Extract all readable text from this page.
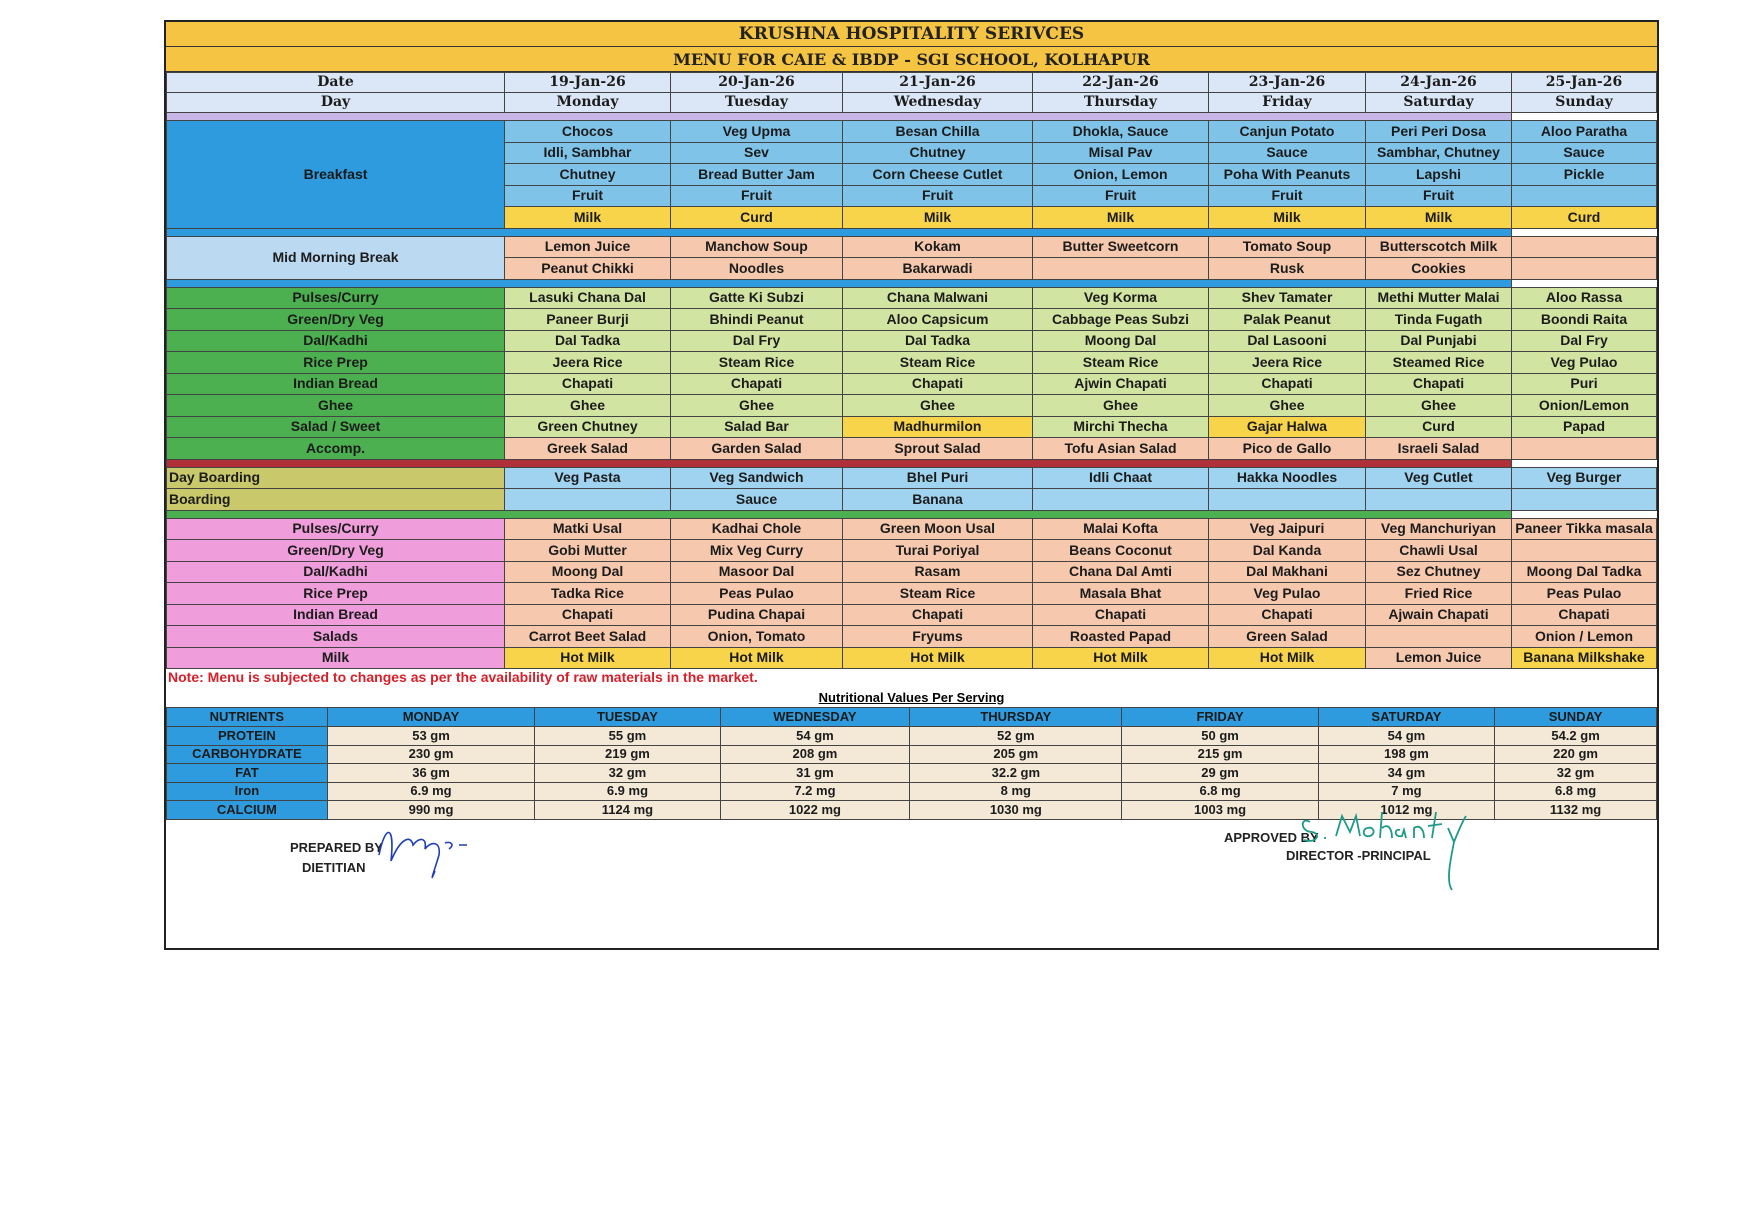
KRUSHNA HOSPITALITY SERIVCES
MENU FOR CAIE & IBDP - SGI SCHOOL, KOLHAPUR
Date	19-Jan-26	20-Jan-26	21-Jan-26	22-Jan-26	23-Jan-26	24-Jan-26	25-Jan-26
Day	Monday	Tuesday	Wednesday	Thursday	Friday	Saturday	Sunday

Breakfast	Chocos	Veg Upma	Besan Chilla	Dhokla, Sauce	Canjun Potato	Peri Peri Dosa	Aloo Paratha
	Idli, Sambhar	Sev	Chutney	Misal Pav	Sauce	Sambhar, Chutney	Sauce
	Chutney	Bread Butter Jam	Corn Cheese Cutlet	Onion, Lemon	Poha With Peanuts	Lapshi	Pickle
	Fruit	Fruit	Fruit	Fruit	Fruit	Fruit	
	Milk	Curd	Milk	Milk	Milk	Milk	Curd

Mid Morning Break	Lemon Juice	Manchow Soup	Kokam	Butter Sweetcorn	Tomato Soup	Butterscotch Milk	
	Peanut Chikki	Noodles	Bakarwadi		Rusk	Cookies	

Pulses/Curry	Lasuki Chana Dal	Gatte Ki Subzi	Chana Malwani	Veg Korma	Shev Tamater	Methi Mutter Malai	Aloo Rassa
Green/Dry Veg	Paneer Burji	Bhindi Peanut	Aloo Capsicum	Cabbage Peas Subzi	Palak Peanut	Tinda Fugath	Boondi Raita
Dal/Kadhi	Dal Tadka	Dal Fry	Dal Tadka	Moong Dal	Dal Lasooni	Dal Punjabi	Dal Fry
Rice Prep	Jeera Rice	Steam Rice	Steam Rice	Steam Rice	Jeera Rice	Steamed Rice	Veg Pulao
Indian Bread	Chapati	Chapati	Chapati	Ajwin Chapati	Chapati	Chapati	Puri
Ghee	Ghee	Ghee	Ghee	Ghee	Ghee	Ghee	Onion/Lemon
Salad / Sweet	Green Chutney	Salad Bar	Madhurmilon	Mirchi Thecha	Gajar Halwa	Curd	Papad
Accomp.	Greek Salad	Garden Salad	Sprout Salad	Tofu Asian Salad	Pico de Gallo	Israeli Salad	

Day Boarding	Veg Pasta	Veg Sandwich	Bhel Puri	Idli Chaat	Hakka Noodles	Veg Cutlet	Veg Burger
Boarding		Sauce	Banana				

Pulses/Curry	Matki Usal	Kadhai Chole	Green Moon Usal	Malai Kofta	Veg Jaipuri	Veg Manchuriyan	Paneer Tikka masala
Green/Dry Veg	Gobi Mutter	Mix Veg Curry	Turai Poriyal	Beans Coconut	Dal Kanda	Chawli Usal	
Dal/Kadhi	Moong Dal	Masoor Dal	Rasam	Chana Dal Amti	Dal Makhani	Sez Chutney	Moong Dal Tadka
Rice Prep	Tadka Rice	Peas Pulao	Steam Rice	Masala Bhat	Veg Pulao	Fried Rice	Peas Pulao
Indian Bread	Chapati	Pudina Chapai	Chapati	Chapati	Chapati	Ajwain Chapati	Chapati
Salads	Carrot Beet Salad	Onion, Tomato	Fryums	Roasted Papad	Green Salad		Onion / Lemon
Milk	Hot Milk	Hot Milk	Hot Milk	Hot Milk	Hot Milk	Lemon Juice	Banana Milkshake
Note: Menu is subjected to changes as per the availability of raw materials in the market.
Nutritional Values Per Serving
NUTRIENTS	MONDAY	TUESDAY	WEDNESDAY	THURSDAY	FRIDAY	SATURDAY	SUNDAY
PROTEIN	53 gm	55 gm	54 gm	52 gm	50 gm	54 gm	54.2 gm
CARBOHYDRATE	230 gm	219 gm	208 gm	205 gm	215 gm	198 gm	220 gm
FAT	36 gm	32 gm	31 gm	32.2 gm	29 gm	34 gm	32 gm
Iron	6.9 mg	6.9 mg	7.2 mg	8 mg	6.8 mg	7 mg	6.8 mg
CALCIUM	990 mg	1124 mg	1022 mg	1030 mg	1003 mg	1012 mg	1132 mg
PREPARED BY
DIETITIAN
APPROVED BY
DIRECTOR -PRINCIPAL
